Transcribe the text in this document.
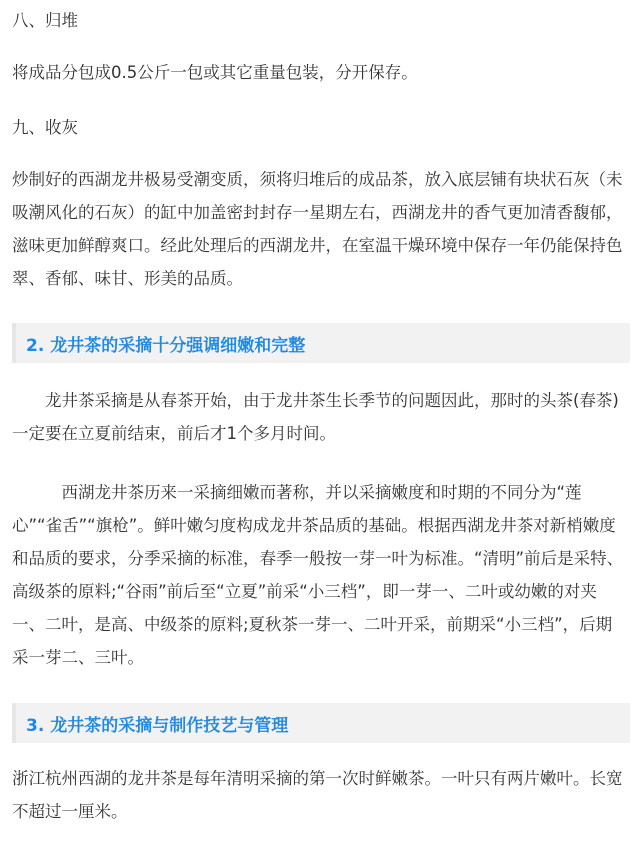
八、归堆

将成品分包成0.5公斤一包或其它重量包装，分开保存。

九、收灰

炒制好的西湖龙井极易受潮变质，须将归堆后的成品茶，放入底层铺有块状石灰（未吸潮风化的石灰）的缸中加盖密封封存一星期左右，西湖龙井的香气更加清香馥郁，滋味更加鲜醇爽口。经此处理后的西湖龙井，在室温干燥环境中保存一年仍能保持色翠、香郁、味甘、形美的品质。

2. 龙井茶的采摘十分强调细嫩和完整

　　龙井茶采摘是从春茶开始，由于龙井茶生长季节的问题因此，那时的头茶(春茶)一定要在立夏前结束，前后才1个多月时间。

　　　西湖龙井茶历来一采摘细嫩而著称，并以采摘嫩度和时期的不同分为“莲心”“雀舌”“旗枪”。鲜叶嫩匀度构成龙井茶品质的基础。根据西湖龙井茶对新梢嫩度和品质的要求，分季采摘的标准，春季一般按一芽一叶为标准。“清明”前后是采特、高级茶的原料;“谷雨”前后至“立夏”前采“小三档”，即一芽一、二叶或幼嫩的对夹一、二叶，是高、中级茶的原料;夏秋茶一芽一、二叶开采，前期采“小三档”，后期采一芽二、三叶。

3. 龙井茶的采摘与制作技艺与管理

浙江杭州西湖的龙井茶是每年清明采摘的第一次时鲜嫩茶。一叶只有两片嫩叶。长宽不超过一厘米。
